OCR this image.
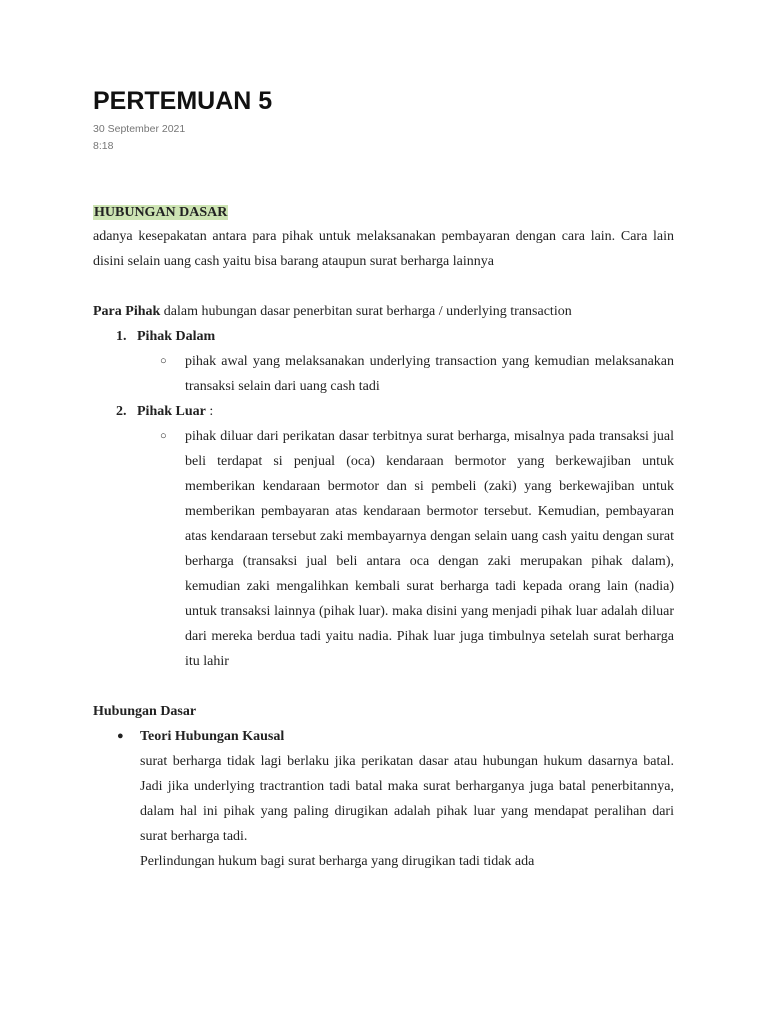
PERTEMUAN 5
30 September 2021
8:18
HUBUNGAN DASAR

adanya kesepakatan antara para pihak untuk melaksanakan pembayaran dengan cara lain. Cara lain disini selain uang cash yaitu bisa barang ataupun surat berharga lainnya

Para Pihak dalam hubungan dasar penerbitan surat berharga / underlying transaction
1. Pihak Dalam
○ pihak awal yang melaksanakan underlying transaction yang kemudian melaksanakan transaksi selain dari uang cash tadi
2. Pihak Luar :
○ pihak diluar dari perikatan dasar terbitnya surat berharga, misalnya pada transaksi jual beli terdapat si penjual (oca) kendaraan bermotor yang berkewajiban untuk memberikan kendaraan bermotor dan si pembeli (zaki) yang berkewajiban untuk memberikan pembayaran atas kendaraan bermotor tersebut. Kemudian, pembayaran atas kendaraan tersebut zaki membayarnya dengan selain uang cash yaitu dengan surat berharga (transaksi jual beli antara oca dengan zaki merupakan pihak dalam), kemudian zaki mengalihkan kembali surat berharga tadi kepada orang lain (nadia) untuk transaksi lainnya (pihak luar). maka disini yang menjadi pihak luar adalah diluar dari mereka berdua tadi yaitu nadia. Pihak luar juga timbulnya setelah surat berharga itu lahir
Hubungan Dasar
● Teori Hubungan Kausal
surat berharga tidak lagi berlaku jika perikatan dasar atau hubungan hukum dasarnya batal. Jadi jika underlying tractrantion tadi batal maka surat berharganya juga batal penerbitannya, dalam hal ini pihak yang paling dirugikan adalah pihak luar yang mendapat peralihan dari surat berharga tadi.
Perlindungan hukum bagi surat berharga yang dirugikan tadi tidak ada
